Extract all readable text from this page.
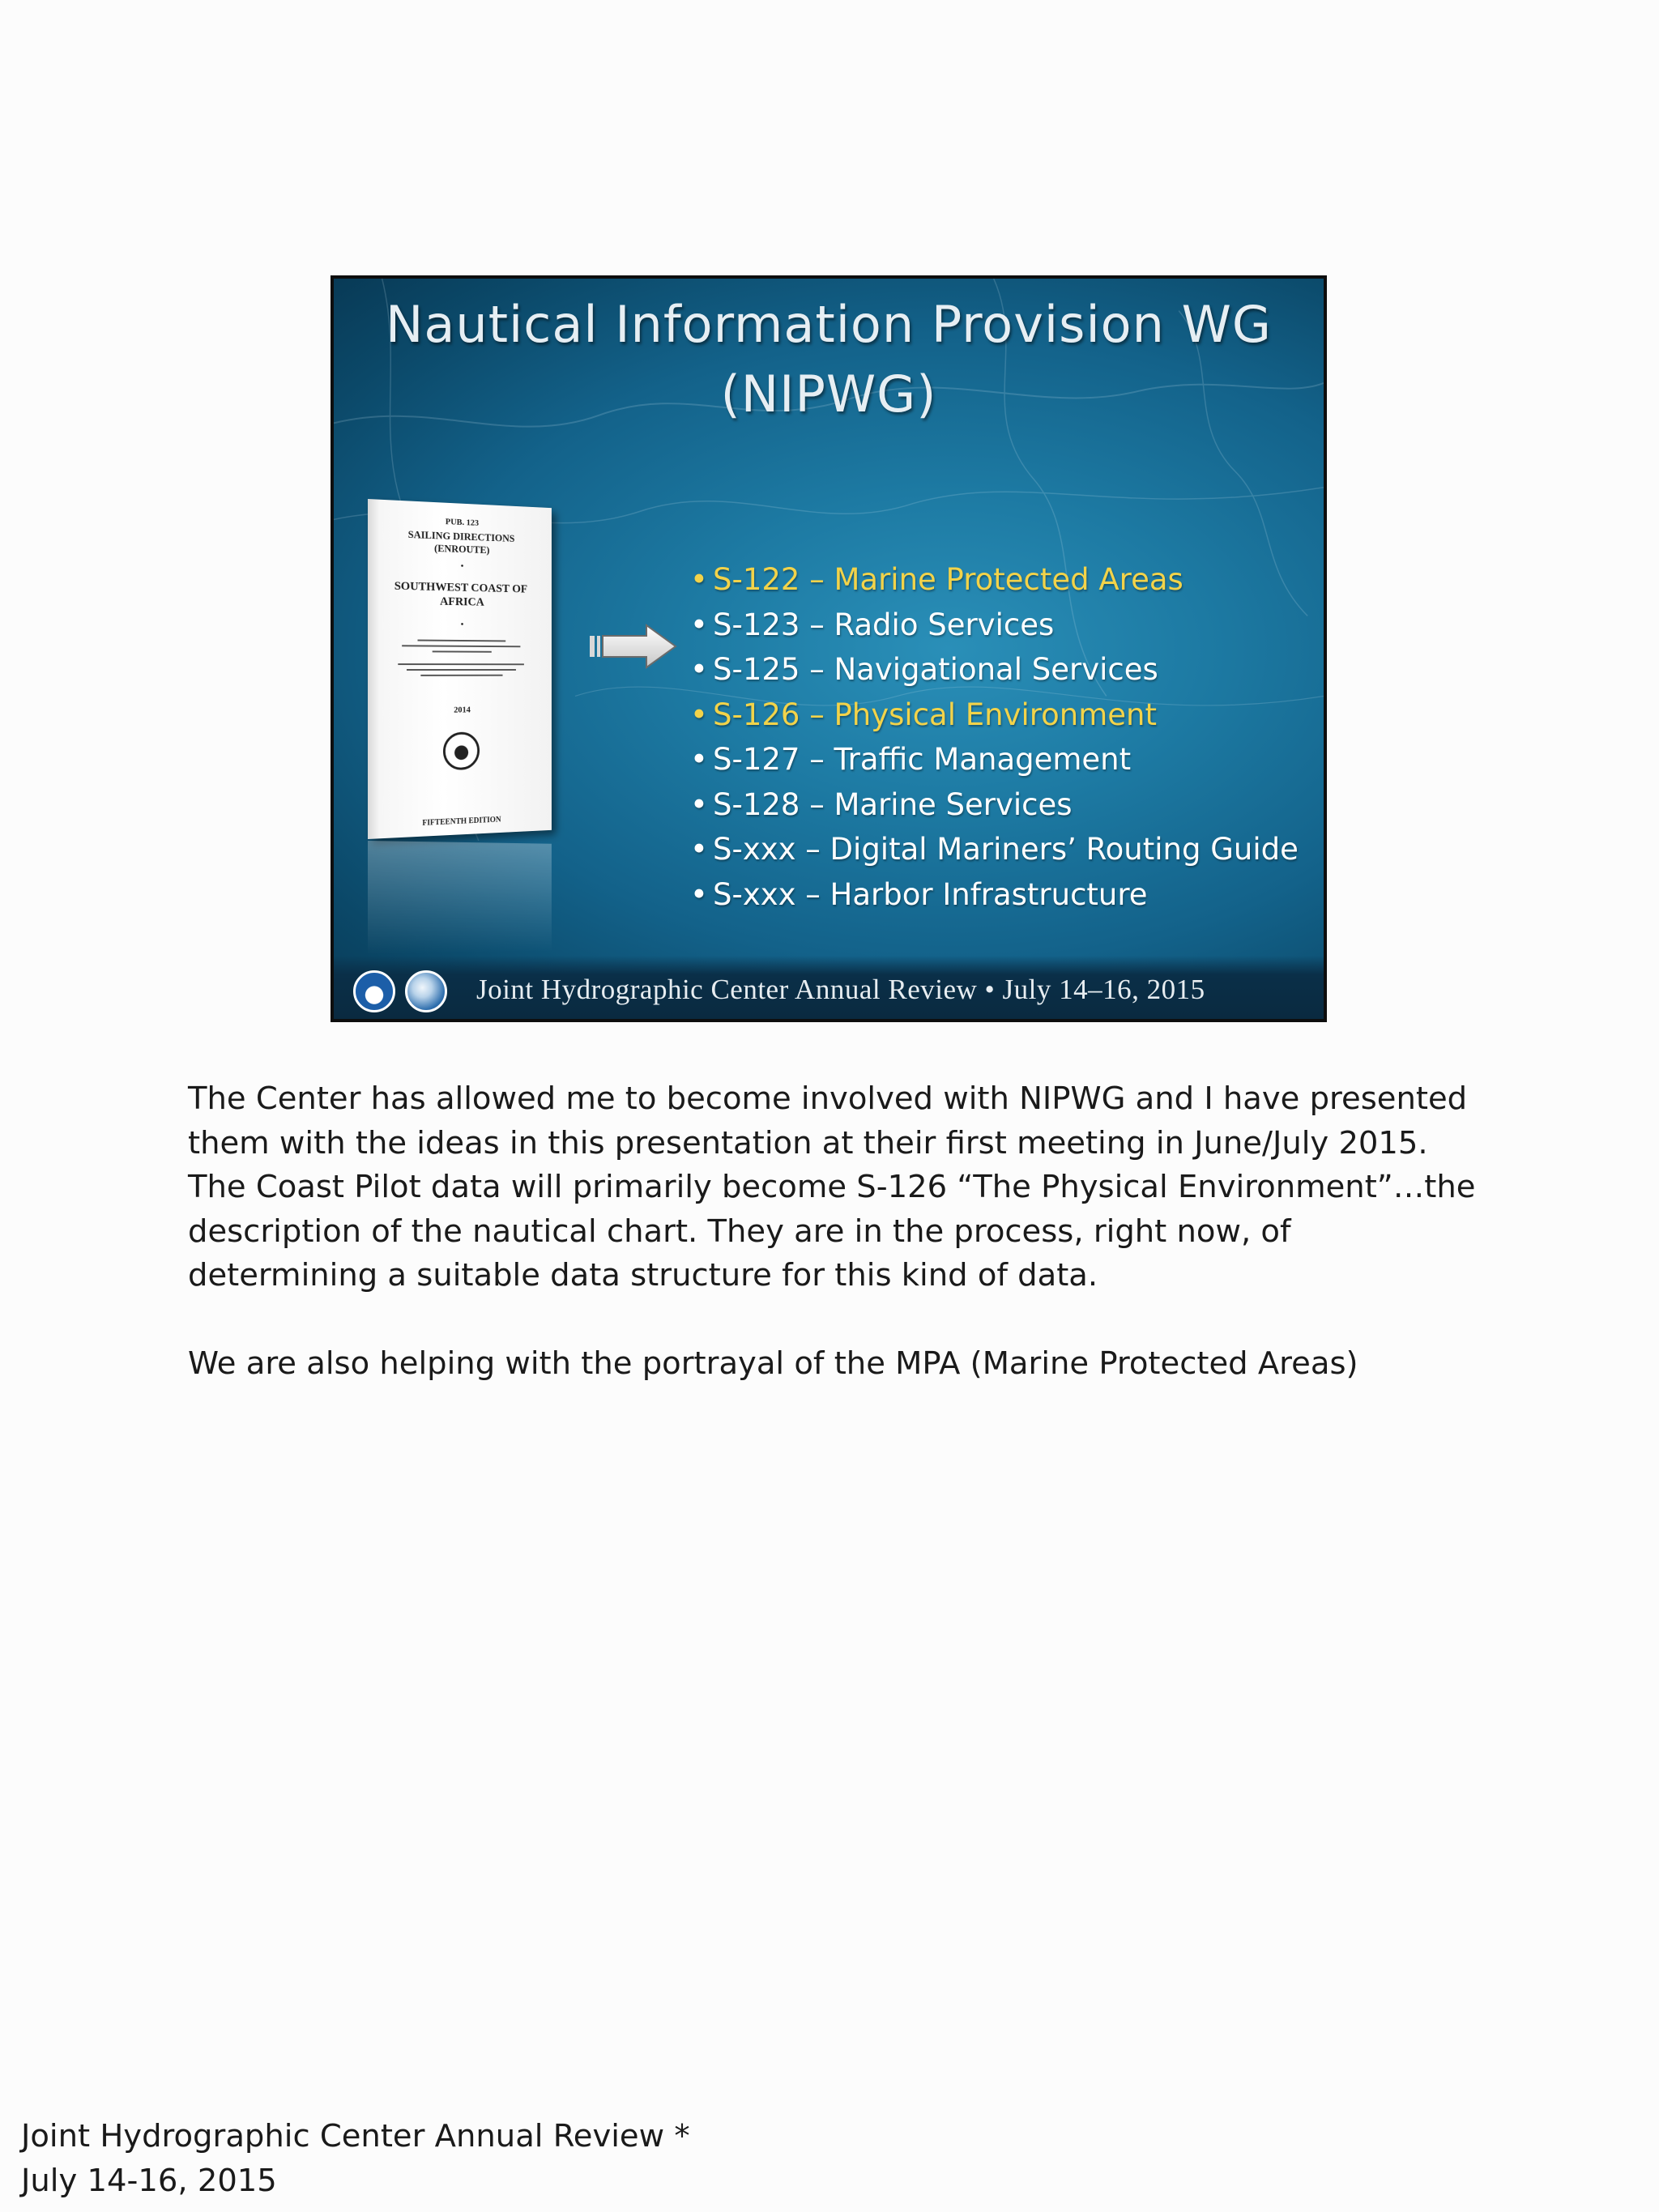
Nautical Information Provision WG
(NIPWG)
PUB. 123
SAILING DIRECTIONS
(ENROUTE)
•
SOUTHWEST COAST OF
AFRICA
•
2014
FIFTEENTH EDITION
• S-122 – Marine Protected Areas
• S-123 – Radio Services
• S-125 – Navigational Services
• S-126 – Physical Environment
• S-127 – Traffic Management
• S-128 – Marine Services
• S-xxx – Digital Mariners’ Routing Guide
• S-xxx – Harbor Infrastructure
Joint Hydrographic Center Annual Review • July 14–16, 2015

The Center has allowed me to become involved with NIPWG and I have presented them with the ideas in this presentation at their first meeting in June/July 2015. The Coast Pilot data will primarily become S-126 “The Physical Environment”…the description of the nautical chart. They are in the process, right now, of determining a suitable data structure for this kind of data.

We are also helping with the portrayal of the MPA (Marine Protected Areas)

Joint Hydrographic Center Annual Review *
July 14-16, 2015
